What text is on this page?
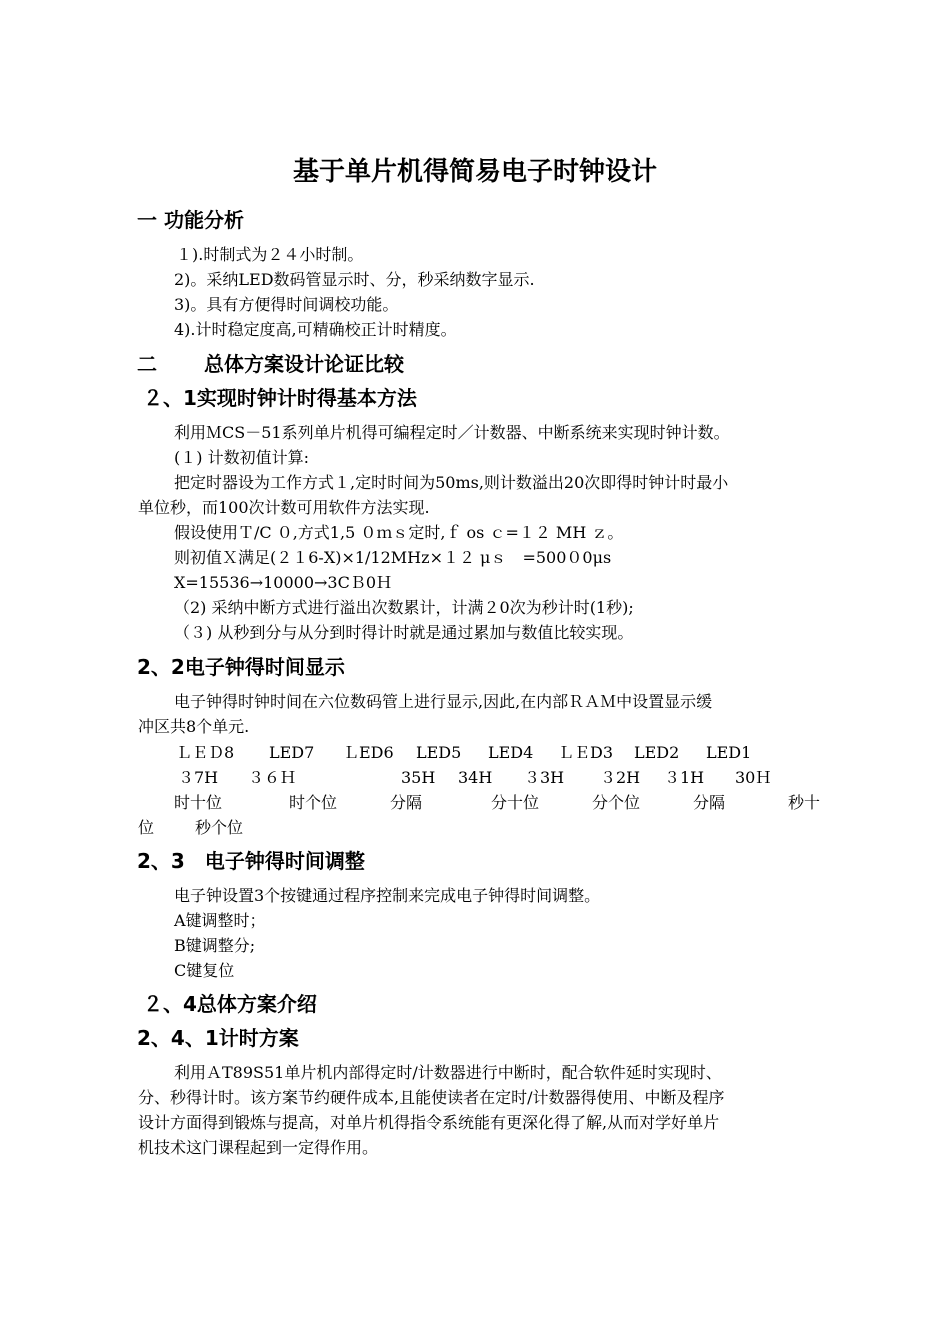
基于单片机得简易电子时钟设计
一 功能分析
１).时制式为２４小时制。
2)。采纳LED数码管显示时、分，秒采纳数字显示.
3)。具有方便得时间调校功能。
4).计时稳定度高,可精确校正计时精度。
二 总体方案设计论证比较
２、1实现时钟计时得基本方法
利用ＭCS－51系列单片机得可编程定时／计数器、中断系统来实现时钟计数。
(１) 计数初值计算:
把定时器设为工作方式１,定时时间为50ms,则计数溢出20次即得时钟计时最小
单位秒，而100次计数可用软件方法实现.
假设使用Ｔ/C ０,方式1,5 ０ｍｓ定时,ｆ os ｃ=１２ MH ｚ。
则初值Ｘ满足(２１6-X)×1/12MHz×１２ μｓ　=500０0μs
X=15536→10000→3CＢ0Ｈ
（2) 采纳中断方式进行溢出次数累计，计满２0次为秒计时(1秒);
（３) 从秒到分与从分到时得计时就是通过累加与数值比较实现。
2、2电子钟得时间显示
电子钟得时钟时间在六位数码管上进行显示,因此,在内部ＲＡＭ中设置显示缓
冲区共8个单元.
ＬＥＤ8 LED7 ＬED6 LED5 LED4 ＬＥD3 LED2 LED1
３7H ３６Ｈ	35H 34H ３3H ３2H ３1H 30Ｈ
时十位	时个位	分隔	分十位	分个位	分隔	秒十
位	秒个位
2、3　电子钟得时间调整
电子钟设置3个按键通过程序控制来完成电子钟得时间调整。
A键调整时；
B键调整分;
C键复位
２、4总体方案介绍
2、4、1计时方案
利用ＡT89S51单片机内部得定时/计数器进行中断时，配合软件延时实现时、
分、秒得计时。该方案节约硬件成本,且能使读者在定时/计数器得使用、中断及程序
设计方面得到锻炼与提高，对单片机得指令系统能有更深化得了解,从而对学好单片
机技术这门课程起到一定得作用。
